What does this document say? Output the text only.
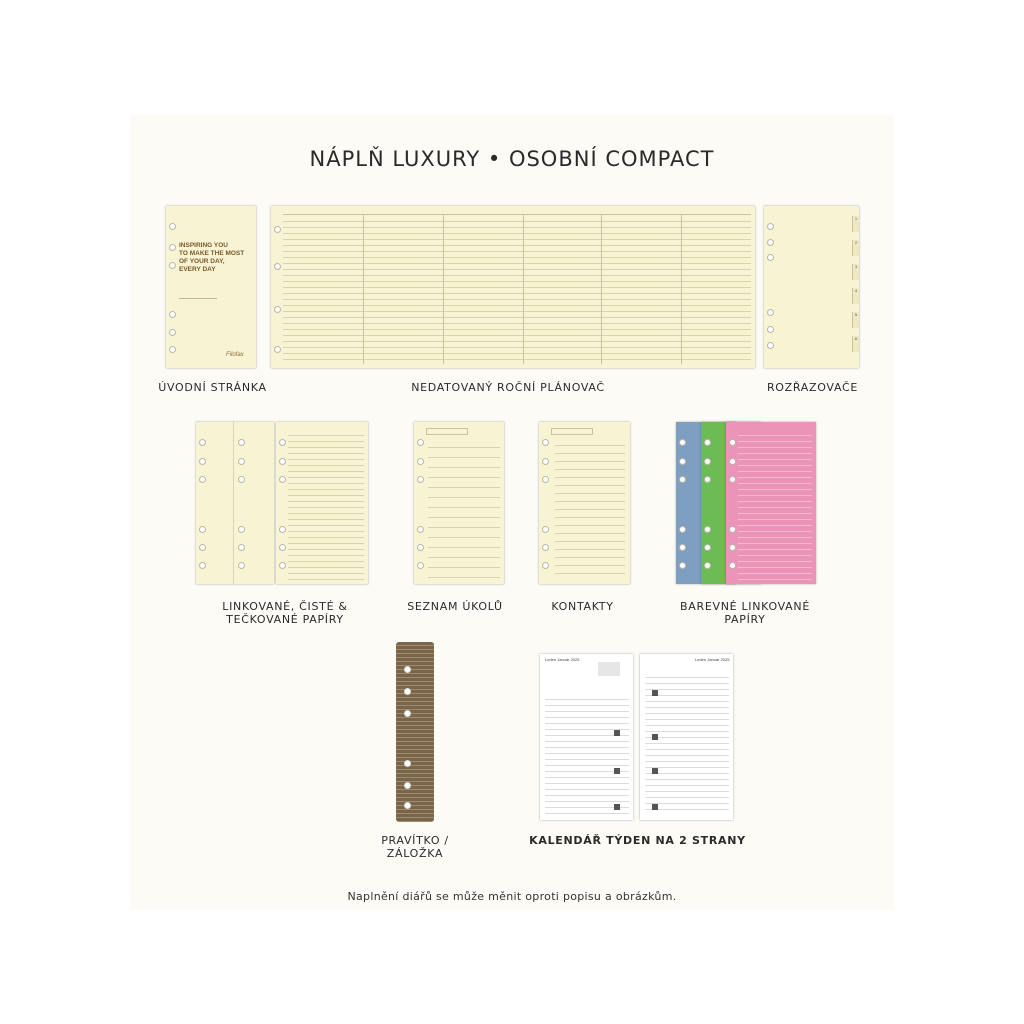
NÁPLŇ LUXURY • OSOBNÍ COMPACT
INSPIRING YOU
TO MAKE THE MOST
OF YOUR DAY,
EVERY DAY
Filofax
1
2
3
4
5
6
ÚVODNÍ STRÁNKA	NEDATOVANÝ ROČNÍ PLÁNOVAČ	ROZŘAZOVAČE
LINKOVANÉ, ČISTÉ &
TEČKOVANÉ PAPÍRY
SEZNAM ÚKOLŮ	KONTAKTY	BAREVNÉ LINKOVANÉ
PAPÍRY
Leden Január 2025	Leden Január 2025
PRAVÍTKO /
ZÁLOŽKA
KALENDÁŘ TÝDEN NA 2 STRANY
Naplnění diářů se může měnit oproti popisu a obrázkům.
